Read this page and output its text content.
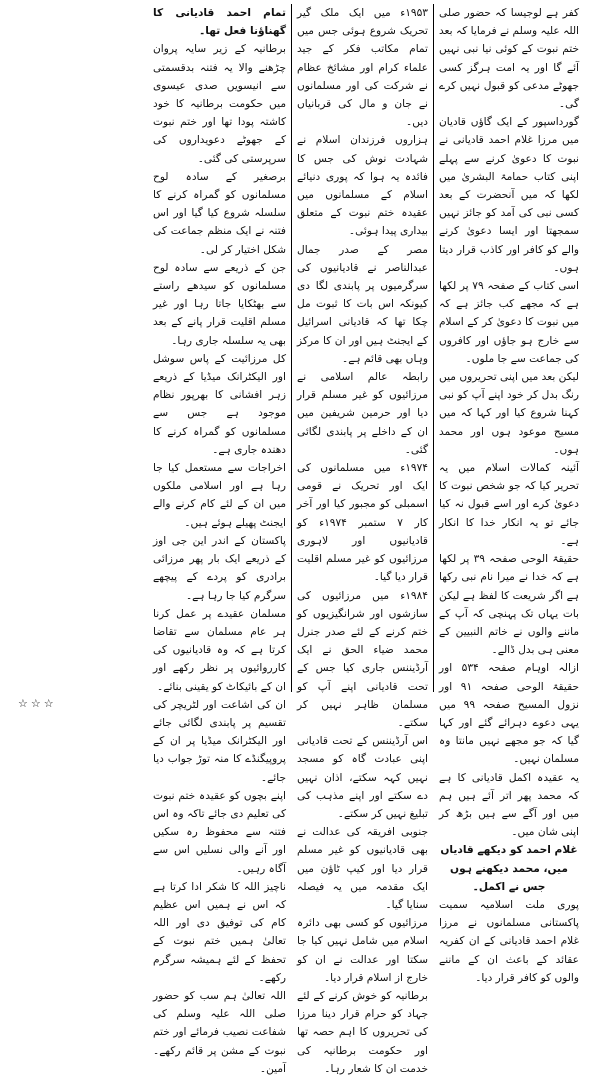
کفر ہے لوجیسا کہ حضور صلی اللہ علیہ وسلم نے فرمایا کہ بعد ختم نبوت کے کوئی نیا نبی نہیں آئے گا اور یہ امت ہرگز کسی جھوٹے مدعی کو قبول نہیں کرے گی۔

گورداسپور کے ایک گاؤں قادیان میں مرزا غلام احمد قادیانی نے نبوت کا دعویٰ کرنے سے پہلے اپنی کتاب حمامۃ البشریٰ میں لکھا کہ میں آنحضرت کے بعد کسی نبی کی آمد کو جائز نہیں سمجھتا اور ایسا دعویٰ کرنے والے کو کافر اور کاذب قرار دیتا ہوں۔

اسی کتاب کے صفحہ ۷۹ پر لکھا ہے کہ مجھے کب جائز ہے کہ میں نبوت کا دعویٰ کر کے اسلام سے خارج ہو جاؤں اور کافروں کی جماعت سے جا ملوں۔

لیکن بعد میں اپنی تحریروں میں رنگ بدل کر خود اپنے آپ کو نبی کہنا شروع کیا اور کہا کہ میں مسیح موعود ہوں اور محمد ہوں۔

آئینہ کمالات اسلام میں یہ تحریر کیا کہ جو شخص نبوت کا دعویٰ کرے اور اسے قبول نہ کیا جائے تو یہ انکار خدا کا انکار ہے۔

حقیقۃ الوحی صفحہ ۳۹ پر لکھا ہے کہ خدا نے میرا نام نبی رکھا ہے اگر شریعت کا لفظ ہے لیکن بات یہاں تک پہنچی کہ آپ کے ماننے والوں نے خاتم النبیین کے معنی ہی بدل ڈالے۔

ازالہ اوہام صفحہ ۵۳۴ اور حقیقۃ الوحی صفحہ ۹۱ اور نزول المسیح صفحہ ۹۹ میں یہی دعوے دہرائے گئے اور کہا گیا کہ جو مجھے نہیں مانتا وہ مسلمان نہیں۔

یہ عقیدہ اکمل قادیانی کا ہے کہ محمد پھر اتر آئے ہیں ہم میں اور آگے سے ہیں بڑھ کر اپنی شان میں۔

غلام احمد کو دیکھے قادیاں میں، محمد دیکھنے ہوں جس نے اکمل۔

پوری ملت اسلامیہ سمیت پاکستانی مسلمانوں نے مرزا غلام احمد قادیانی کے ان کفریہ عقائد کے باعث ان کے ماننے والوں کو کافر قرار دیا۔

۱۹۵۳ء میں ایک ملک گیر تحریک شروع ہوئی جس میں تمام مکاتب فکر کے جید علماء کرام اور مشائخ عظام نے شرکت کی اور مسلمانوں نے جان و مال کی قربانیاں دیں۔

ہزاروں فرزندان اسلام نے شہادت نوش کی جس کا فائدہ یہ ہوا کہ پوری دنیائے اسلام کے مسلمانوں میں عقیدہ ختم نبوت کے متعلق بیداری پیدا ہوئی۔

مصر کے صدر جمال عبدالناصر نے قادیانیوں کی سرگرمیوں پر پابندی لگا دی کیونکہ اس بات کا ثبوت مل چکا تھا کہ قادیانی اسرائیل کے ایجنٹ ہیں اور ان کا مرکز وہاں بھی قائم ہے۔

رابطہ عالم اسلامی نے مرزائیوں کو غیر مسلم قرار دیا اور حرمین شریفین میں ان کے داخلے پر پابندی لگائی گئی۔

۱۹۷۴ء میں مسلمانوں کی ایک اور تحریک نے قومی اسمبلی کو مجبور کیا اور آخر کار ۷ ستمبر ۱۹۷۴ء کو قادیانیوں اور لاہوری مرزائیوں کو غیر مسلم اقلیت قرار دیا گیا۔

۱۹۸۴ء میں مرزائیوں کی سازشوں اور شرانگیزیوں کو ختم کرنے کے لئے صدر جنرل محمد ضیاء الحق نے ایک آرڈیننس جاری کیا جس کے تحت قادیانی اپنے آپ کو مسلمان ظاہر نہیں کر سکتے۔

اس آرڈیننس کے تحت قادیانی اپنی عبادت گاہ کو مسجد نہیں کہہ سکتے، اذان نہیں دے سکتے اور اپنے مذہب کی تبلیغ نہیں کر سکتے۔

جنوبی افریقہ کی عدالت نے بھی قادیانیوں کو غیر مسلم قرار دیا اور کیپ ٹاؤن میں ایک مقدمہ میں یہ فیصلہ سنایا گیا۔

مرزائیوں کو کسی بھی دائرہ اسلام میں شامل نہیں کیا جا سکتا اور عدالت نے ان کو خارج از اسلام قرار دیا۔

برطانیہ کو خوش کرنے کے لئے جہاد کو حرام قرار دینا مرزا کی تحریروں کا اہم حصہ تھا اور حکومت برطانیہ کی خدمت ان کا شعار رہا۔

تمام احمد قادیانی کا گھناؤنا فعل تھا۔

برطانیہ کے زیر سایہ پروان چڑھنے والا یہ فتنہ بدقسمتی سے انیسویں صدی عیسوی میں حکومت برطانیہ کا خود کاشتہ پودا تھا اور ختم نبوت کے جھوٹے دعویداروں کی سرپرستی کی گئی۔

برصغیر کے سادہ لوح مسلمانوں کو گمراہ کرنے کا سلسلہ شروع کیا گیا اور اس فتنہ نے ایک منظم جماعت کی شکل اختیار کر لی۔

جن کے ذریعے سے سادہ لوح مسلمانوں کو سیدھے راستے سے بھٹکایا جاتا رہا اور غیر مسلم اقلیت قرار پانے کے بعد بھی یہ سلسلہ جاری رہا۔

کل مرزائیت کے پاس سوشل اور الیکٹرانک میڈیا کے ذریعے زہر افشانی کا بھرپور نظام موجود ہے جس سے مسلمانوں کو گمراہ کرنے کا دھندہ جاری ہے۔

اخراجات سے مستعمل کیا جا رہا ہے اور اسلامی ملکوں میں ان کے لئے کام کرنے والے ایجنٹ پھیلے ہوئے ہیں۔

پاکستان کے اندر این جی اوز کے ذریعے ایک بار پھر مرزائی برادری کو پردے کے پیچھے سرگرم کیا جا رہا ہے۔

مسلمان عقیدے پر عمل کرنا ہر عام مسلمان سے تقاضا کرتا ہے کہ وہ قادیانیوں کی کارروائیوں پر نظر رکھے اور ان کے بائیکاٹ کو یقینی بنائے۔

ان کی اشاعت اور لٹریچر کی تقسیم پر پابندی لگائی جائے اور الیکٹرانک میڈیا پر ان کے پروپیگنڈے کا منہ توڑ جواب دیا جائے۔

اپنے بچوں کو عقیدہ ختم نبوت کی تعلیم دی جائے تاکہ وہ اس فتنہ سے محفوظ رہ سکیں اور آنے والی نسلیں اس سے آگاہ رہیں۔

ناچیز اللہ کا شکر ادا کرتا ہے کہ اس نے ہمیں اس عظیم کام کی توفیق دی اور اللہ تعالیٰ ہمیں ختم نبوت کے تحفظ کے لئے ہمیشہ سرگرم رکھے۔

اللہ تعالیٰ ہم سب کو حضور صلی اللہ علیہ وسلم کی شفاعت نصیب فرمائے اور ختم نبوت کے مشن پر قائم رکھے۔ آمین۔

☆☆☆
